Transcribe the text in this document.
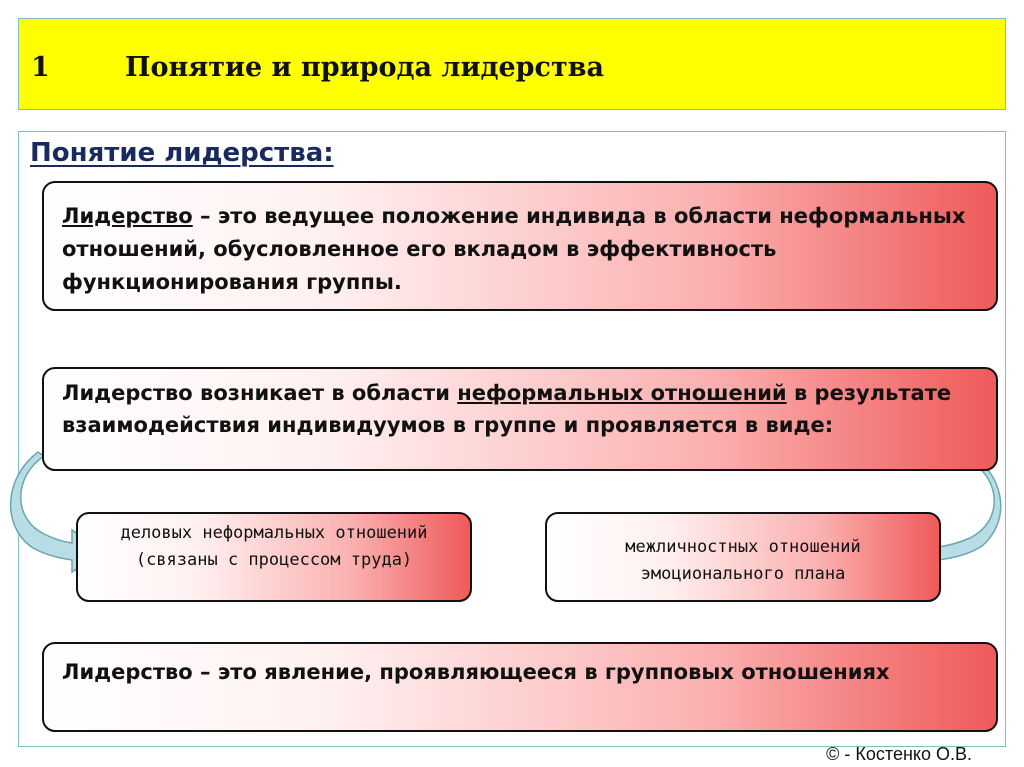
1	Понятие и природа лидерства
Понятие лидерства:
Лидерство – это ведущее положение индивида в области неформальных отношений, обусловленное его вкладом в эффективность функционирования группы.
Лидерство возникает в области неформальных отношений в результате взаимодействия индивидуумов в группе и проявляется в виде:
деловых неформальных отношений (связаны с процессом труда)
межличностных отношений эмоционального плана
Лидерство – это явление, проявляющееся в групповых отношениях
© - Костенко О.В.
